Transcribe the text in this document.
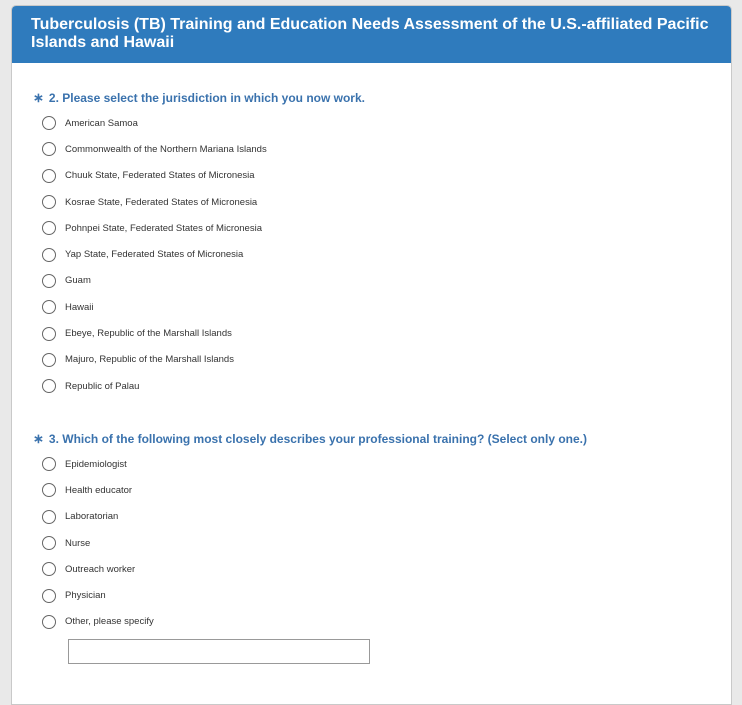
Tuberculosis (TB) Training and Education Needs Assessment of the U.S.-affiliated Pacific Islands and Hawaii
∗ 2. Please select the jurisdiction in which you now work.
American Samoa
Commonwealth of the Northern Mariana Islands
Chuuk State, Federated States of Micronesia
Kosrae State, Federated States of Micronesia
Pohnpei State, Federated States of Micronesia
Yap State, Federated States of Micronesia
Guam
Hawaii
Ebeye, Republic of the Marshall Islands
Majuro, Republic of the Marshall Islands
Republic of Palau
∗ 3. Which of the following most closely describes your professional training? (Select only one.)
Epidemiologist
Health educator
Laboratorian
Nurse
Outreach worker
Physician
Other, please specify
